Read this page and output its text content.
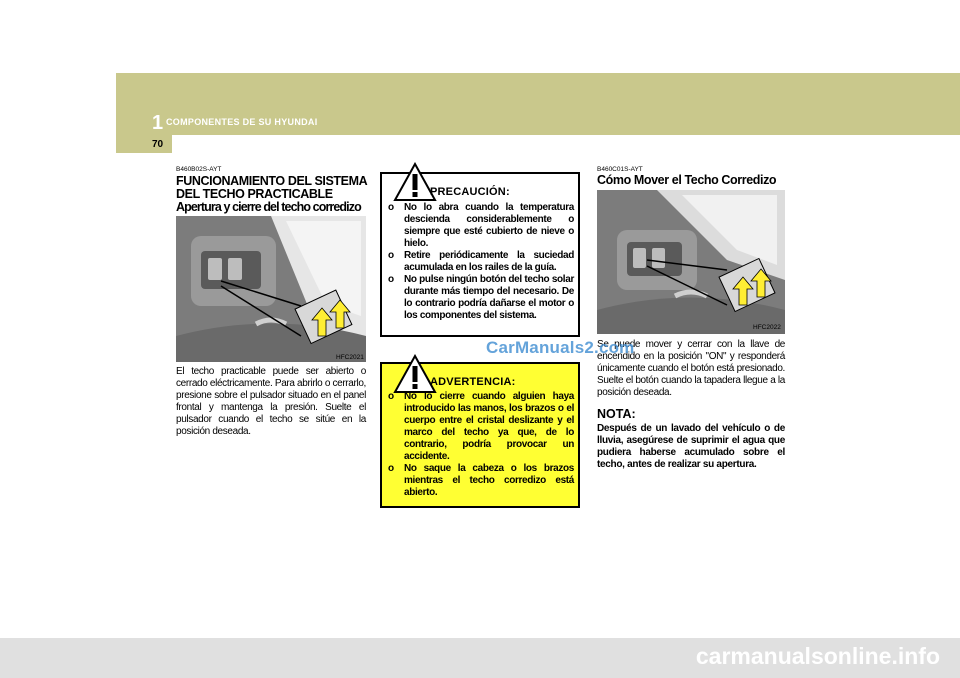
1 COMPONENTES DE SU HYUNDAI
70
B460B02S-AYT
FUNCIONAMIENTO DEL SISTEMA
DEL TECHO PRACTICABLE
Apertura y cierre del techo corredizo
HFC2021
El techo practicable puede ser abierto o cerrado eléctricamente. Para abrirlo o cerrarlo, presione sobre el pulsador situado en el panel frontal y mantenga la presión. Suelte el pulsador cuando el techo se sitúe en la posición deseada.
PRECAUCIÓN:
o No lo abra cuando la temperatura descienda considerablemente o siempre que esté cubierto de nieve o hielo.
o Retire periódicamente la suciedad acumulada en los railes de la guía.
o No pulse ningún botón del techo solar durante más tiempo del necesario. De lo contrario podría dañarse el motor o los componentes del sistema.
ADVERTENCIA:
o No lo cierre cuando alguien haya introducido las manos, los brazos o el cuerpo entre el cristal deslizante y el marco del techo ya que, de lo contrario, podría provocar un accidente.
o No saque la cabeza o los brazos mientras el techo corredizo está abierto.
B460C01S-AYT
Cómo Mover el Techo Corredizo
HFC2022
Se puede mover y cerrar con la llave de encendido en la posición "ON" y responderá únicamente cuando el botón está presionado. Suelte el botón cuando la tapadera llegue a la posición deseada.
NOTA:
Después de un lavado del vehículo o de lluvia, asegúrese de suprimir el agua que pudiera haberse acumulado sobre el techo, antes de realizar su apertura.
CarManuals2.com
carmanualsonline.info
